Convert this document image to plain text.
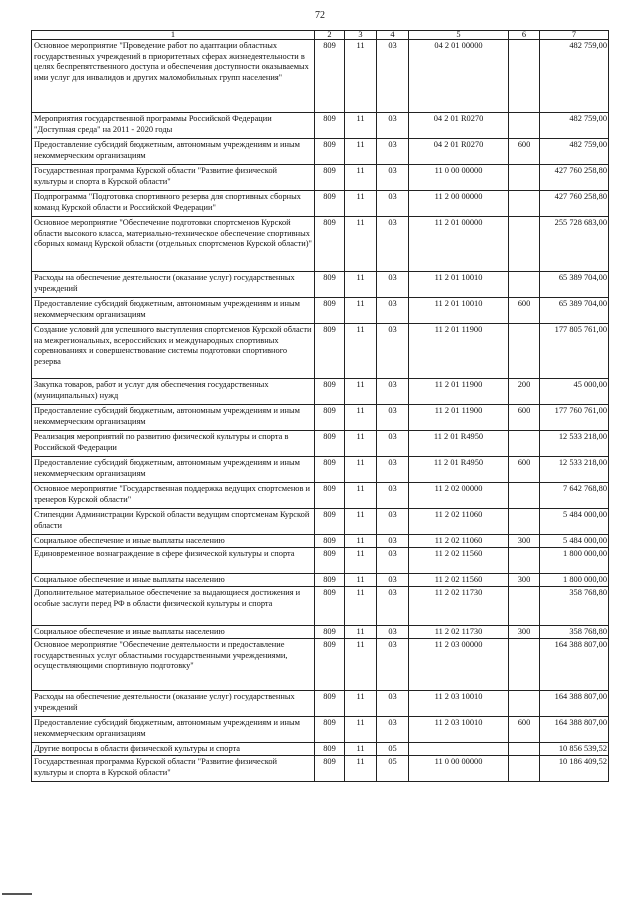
72
1	2	3	4	5	6	7
Основное мероприятие "Проведение работ по адаптации областных государственных учреждений в приоритетных сферах жизнедеятельности в целях беспрепятственного доступа и обеспечения доступности оказываемых ими услуг для инвалидов и других маломобильных групп населения"	809	11	03	04 2 01 00000		482 759,00
Мероприятия государственной программы Российской Федерации "Доступная среда" на 2011 - 2020 годы	809	11	03	04 2 01 R0270		482 759,00
Предоставление субсидий бюджетным, автономным учреждениям и иным некоммерческим организациям	809	11	03	04 2 01 R0270	600	482 759,00
Государственная программа Курской области "Развитие физической культуры и спорта в Курской области"	809	11	03	11 0 00 00000		427 760 258,80
Подпрограмма "Подготовка спортивного резерва для спортивных сборных команд Курской области и Российской Федерации"	809	11	03	11 2 00 00000		427 760 258,80
Основное мероприятие "Обеспечение подготовки спортсменов Курской области высокого класса, материально-техническое обеспечение спортивных сборных команд Курской области (отдельных спортсменов Курской области)"	809	11	03	11 2 01 00000		255 728 683,00
Расходы на обеспечение деятельности (оказание услуг) государственных учреждений	809	11	03	11 2 01 10010		65 389 704,00
Предоставление субсидий бюджетным, автономным учреждениям и иным некоммерческим организациям	809	11	03	11 2 01 10010	600	65 389 704,00
Создание условий для успешного выступления спортсменов Курской области на межрегиональных, всероссийских и международных спортивных соревнованиях и совершенствование системы подготовки спортивного резерва	809	11	03	11 2 01 11900		177 805 761,00
Закупка товаров, работ и услуг для обеспечения государственных (муниципальных) нужд	809	11	03	11 2 01 11900	200	45 000,00
Предоставление субсидий бюджетным, автономным учреждениям и иным некоммерческим организациям	809	11	03	11 2 01 11900	600	177 760 761,00
Реализация мероприятий по развитию физической культуры и спорта в Российской Федерации	809	11	03	11 2 01 R4950		12 533 218,00
Предоставление субсидий бюджетным, автономным учреждениям и иным некоммерческим организациям	809	11	03	11 2 01 R4950	600	12 533 218,00
Основное мероприятие "Государственная поддержка ведущих спортсменов и тренеров Курской области"	809	11	03	11 2 02 00000		7 642 768,80
Стипендии Администрации Курской области ведущим спортсменам Курской области	809	11	03	11 2 02 11060		5 484 000,00
Социальное обеспечение и иные выплаты населению	809	11	03	11 2 02 11060	300	5 484 000,00
Единовременное вознаграждение в сфере физической культуры и спорта	809	11	03	11 2 02 11560		1 800 000,00
Социальное обеспечение и иные выплаты населению	809	11	03	11 2 02 11560	300	1 800 000,00
Дополнительное материальное обеспечение за выдающиеся достижения и особые заслуги перед РФ в области физической культуры и спорта	809	11	03	11 2 02 11730		358 768,80
Социальное обеспечение и иные выплаты населению	809	11	03	11 2 02 11730	300	358 768,80
Основное мероприятие "Обеспечение деятельности и предоставление государственных услуг областными государственными учреждениями, осуществляющими спортивную подготовку"	809	11	03	11 2 03 00000		164 388 807,00
Расходы на обеспечение деятельности (оказание услуг) государственных учреждений	809	11	03	11 2 03 10010		164 388 807,00
Предоставление субсидий бюджетным, автономным учреждениям и иным некоммерческим организациям	809	11	03	11 2 03 10010	600	164 388 807,00
Другие вопросы в области физической культуры и спорта	809	11	05			10 856 539,52
Государственная программа Курской области "Развитие физической культуры и спорта в Курской области"	809	11	05	11 0 00 00000		10 186 409,52
